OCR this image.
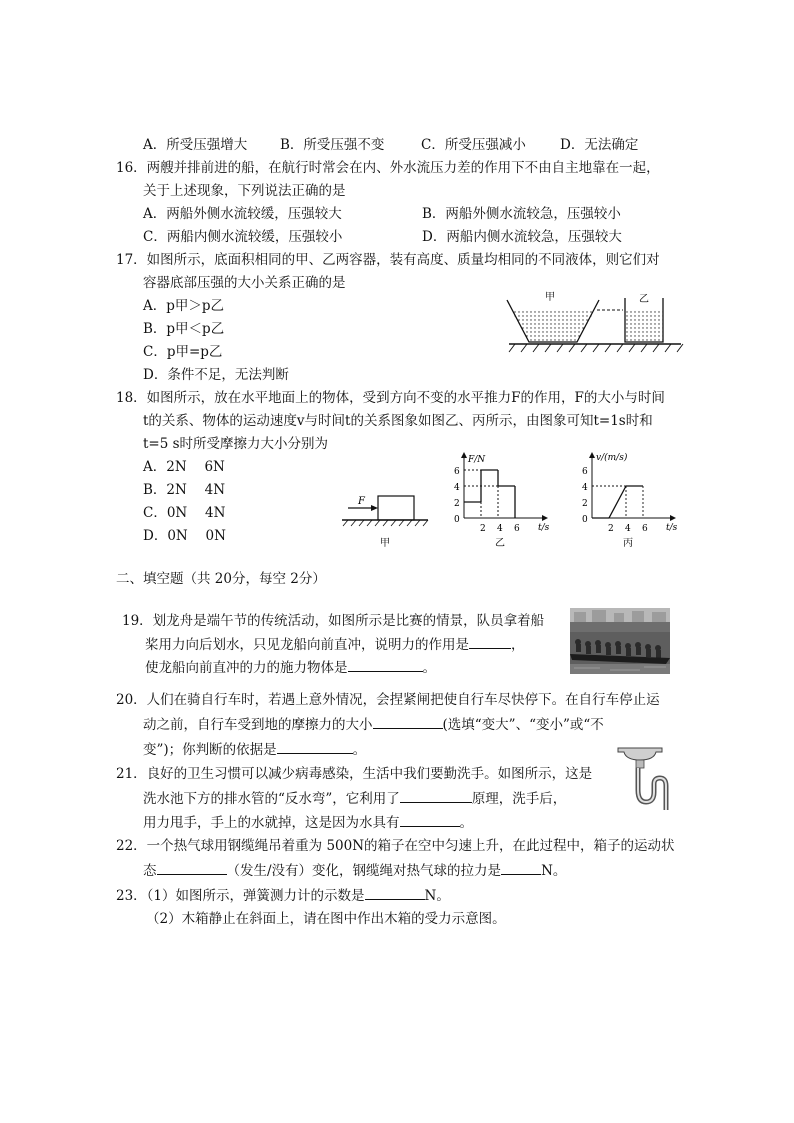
A．所受压强增大 B．所受压强不变	C．所受压强减小	D．无法确定
16．两艘并排前进的船，在航行时常会在内、外水流压力差的作用下不由自主地靠在一起，
关于上述现象，下列说法正确的是
A．两船外侧水流较缓，压强较大	B．两船外侧水流较急，压强较小
C．两船内侧水流较缓，压强较小	D．两船内侧水流较急，压强较大
17．如图所示，底面积相同的甲、乙两容器，装有高度、质量均相同的不同液体，则它们对
容器底部压强的大小关系正确的是
A．p甲＞p乙
B．p甲＜p乙
C．p甲=p乙
D．条件不足，无法判断
甲	乙
18．如图所示，放在水平地面上的物体，受到方向不变的水平推力F的作用，F的大小与时间
t的关系、物体的运动速度v与时间t的关系图象如图乙、丙所示，由图象可知t=1s时和
t=5 s时所受摩擦力大小分别为
A．2N　 6N
B．2N　 4N
C．0N　 4N
D．0N　 0N
F
甲
F/N
t/s
0
2
4
6
2 4 6
乙
v/(m/s)
t/s
0
2
4
6
2 4 6
丙
二、填空题（共 20分，每空 2分）
19．划龙舟是端午节的传统活动，如图所示是比赛的情景，队员拿着船
桨用力向后划水，只见龙船向前直冲，说明力的作用是	，
使龙船向前直冲的力的施力物体是	。
20．人们在骑自行车时，若遇上意外情况，会捏紧闸把使自行车尽快停下。在自行车停止运
动之前，自行车受到地的摩擦力的大小	(选填“变大”、“变小”或“不
变”)；你判断的依据是	。
21．良好的卫生习惯可以减少病毒感染，生活中我们要勤洗手。如图所示，这是
洗水池下方的排水管的“反水弯”，它利用了	原理，洗手后，
用力甩手，手上的水就掉，这是因为水具有	。
22．一个热气球用钢缆绳吊着重为 500N的箱子在空中匀速上升，在此过程中，箱子的运动状
态	（发生/没有）变化，钢缆绳对热气球的拉力是	N。
23．（1）如图所示，弹簧测力计的示数是	N。
（2）木箱静止在斜面上，请在图中作出木箱的受力示意图。
